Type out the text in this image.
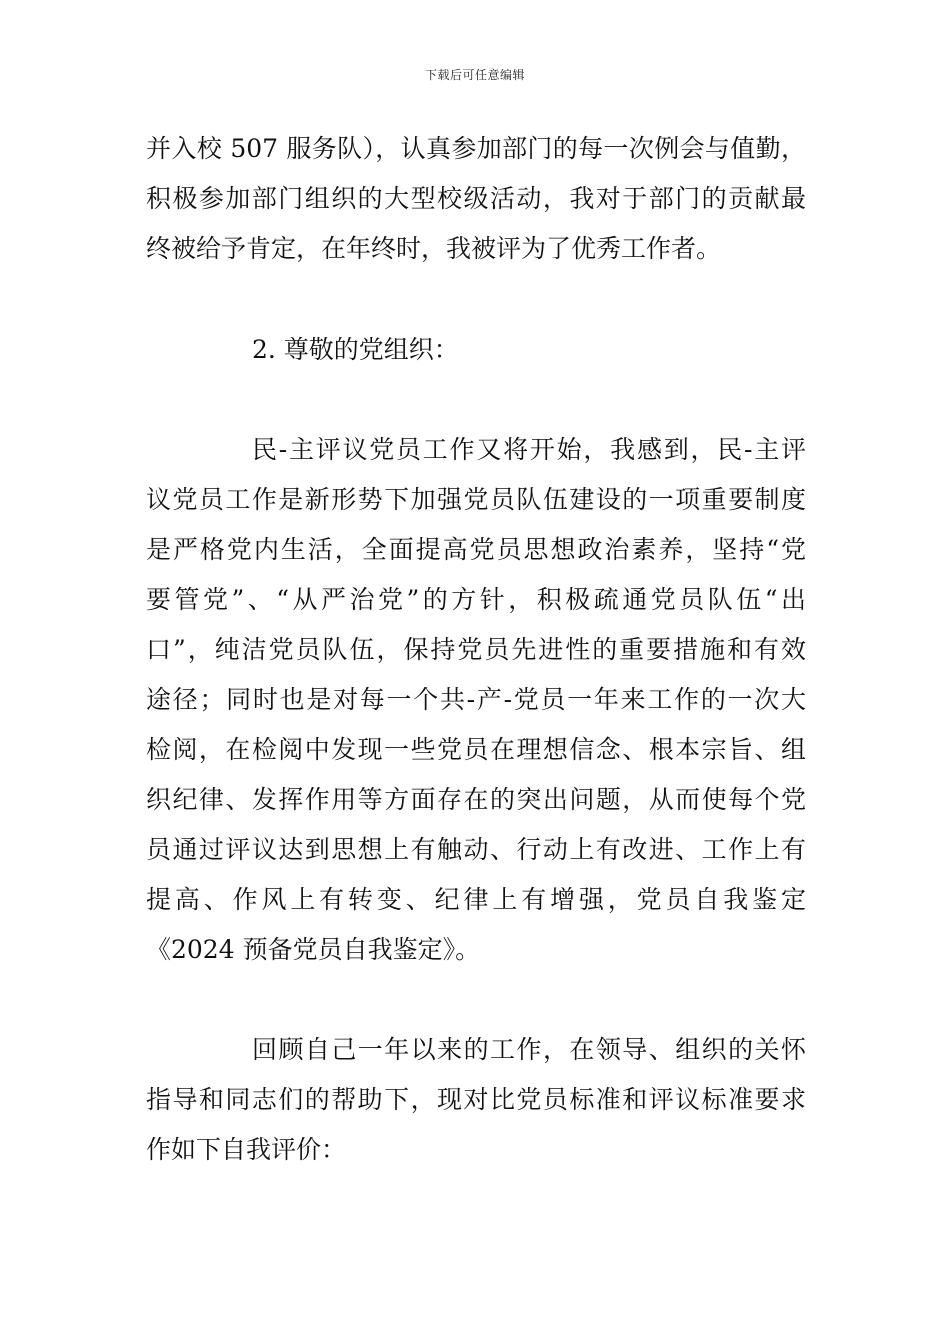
下载后可任意编辑
并入校 507 服务队），认真参加部门的每一次例会与值勤，
积极参加部门组织的大型校级活动，我对于部门的贡献最
终被给予肯定，在年终时，我被评为了优秀工作者。
2. 尊敬的党组织：
民-主评议党员工作又将开始，我感到，民-主评
议党员工作是新形势下加强党员队伍建设的一项重要制度
是严格党内生活，全面提高党员思想政治素养，坚持“党
要管党”、“从严治党”的方针，积极疏通党员队伍“出
口”，纯洁党员队伍，保持党员先进性的重要措施和有效
途径；同时也是对每一个共-产-党员一年来工作的一次大
检阅，在检阅中发现一些党员在理想信念、根本宗旨、组
织纪律、发挥作用等方面存在的突出问题，从而使每个党
员通过评议达到思想上有触动、行动上有改进、工作上有
提高、作风上有转变、纪律上有增强，党员自我鉴定
《2024 预备党员自我鉴定》。
回顾自己一年以来的工作，在领导、组织的关怀
指导和同志们的帮助下，现对比党员标准和评议标准要求
作如下自我评价：
